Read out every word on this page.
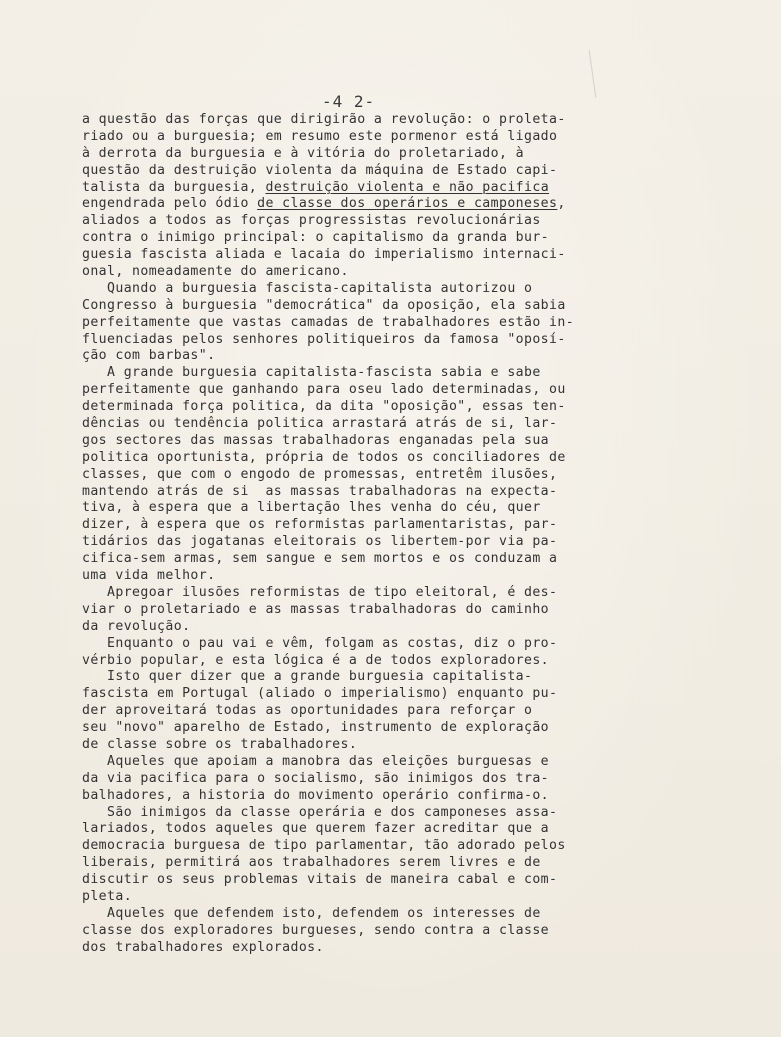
-4 2-
a questão das forças que dirigirão a revolução: o proleta-
riado ou a burguesia; em resumo este pormenor está ligado
à derrota da burguesia e à vitória do proletariado, à
questão da destruição violenta da máquina de Estado capi-
talista da burguesia, destruição violenta e não pacifica
engendrada pelo ódio de classe dos operários e camponeses,
aliados a todos as forças progressistas revolucionárias
contra o inimigo principal: o capitalismo da granda bur-
guesia fascista aliada e lacaia do imperialismo internaci-
onal, nomeadamente do americano.
Quando a burguesia fascista-capitalista autorizou o
Congresso à burguesia "democrática" da oposição, ela sabia
perfeitamente que vastas camadas de trabalhadores estão in-
fluenciadas pelos senhores politiqueiros da famosa "oposí-
ção com barbas".
A grande burguesia capitalista-fascista sabia e sabe
perfeitamente que ganhando para oseu lado determinadas, ou
determinada força politica, da dita "oposição", essas ten-
dências ou tendência politica arrastará atrás de si, lar-
gos sectores das massas trabalhadoras enganadas pela sua
politica oportunista, própria de todos os conciliadores de
classes, que com o engodo de promessas, entretêm ilusões,
mantendo atrás de si  as massas trabalhadoras na expecta-
tiva, à espera que a libertação lhes venha do céu, quer
dizer, à espera que os reformistas parlamentaristas, par-
tidários das jogatanas eleitorais os libertem-por via pa-
cifica-sem armas, sem sangue e sem mortos e os conduzam a
uma vida melhor.
Apregoar ilusões reformistas de tipo eleitoral, é des-
viar o proletariado e as massas trabalhadoras do caminho
da revolução.
Enquanto o pau vai e vêm, folgam as costas, diz o pro-
vérbio popular, e esta lógica é a de todos exploradores.
Isto quer dizer que a grande burguesia capitalista-
fascista em Portugal (aliado o imperialismo) enquanto pu-
der aproveitará todas as oportunidades para reforçar o
seu "novo" aparelho de Estado, instrumento de exploração
de classe sobre os trabalhadores.
Aqueles que apoiam a manobra das eleições burguesas e
da via pacifica para o socialismo, são inimigos dos tra-
balhadores, a historia do movimento operário confirma-o.
São inimigos da classe operária e dos camponeses assa-
lariados, todos aqueles que querem fazer acreditar que a
democracia burguesa de tipo parlamentar, tão adorado pelos
liberais, permitirá aos trabalhadores serem livres e de
discutir os seus problemas vitais de maneira cabal e com-
pleta.
Aqueles que defendem isto, defendem os interesses de
classe dos exploradores burgueses, sendo contra a classe
dos trabalhadores explorados.
